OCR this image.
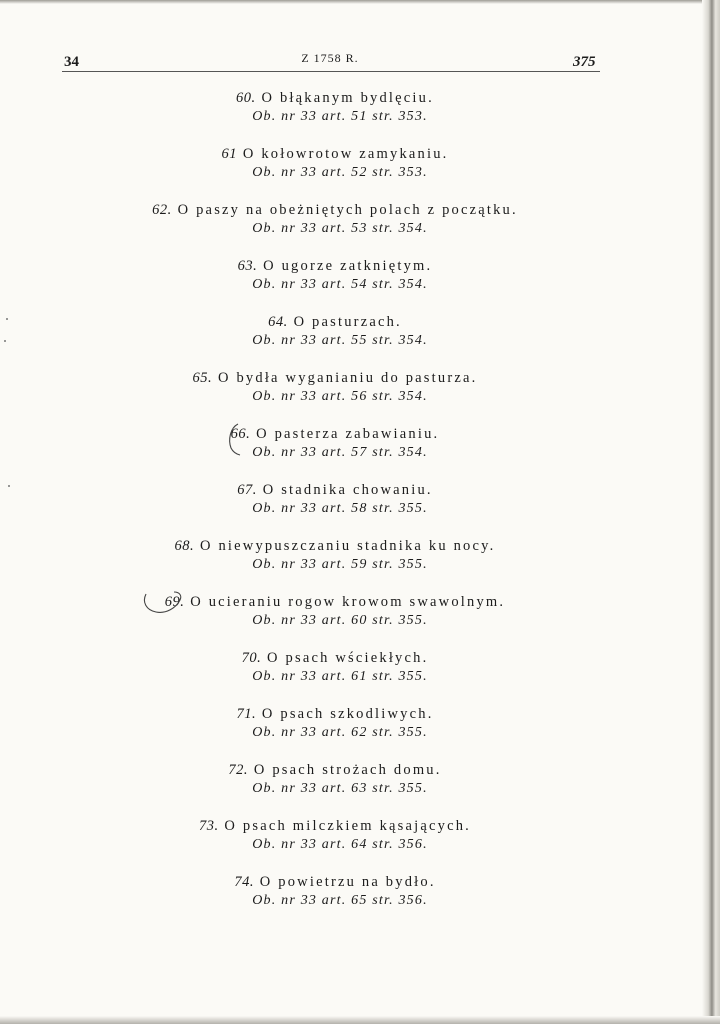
34	Z 1758 R.	375
60. O błąkanym bydlęciu.
Ob. nr 33 art. 51 str. 353.
61 O kołowrotow zamykaniu.
Ob. nr 33 art. 52 str. 353.
62. O paszy na obeżniętych polach z początku.
Ob. nr 33 art. 53 str. 354.
63. O ugorze zatkniętym.
Ob. nr 33 art. 54 str. 354.
64. O pasturzach.
Ob. nr 33 art. 55 str. 354.
65. O bydła wyganianiu do pasturza.
Ob. nr 33 art. 56 str. 354.
66. O pasterza zabawianiu.
Ob. nr 33 art. 57 str. 354.
67. O stadnika chowaniu.
Ob. nr 33 art. 58 str. 355.
68. O niewypuszczaniu stadnika ku nocy.
Ob. nr 33 art. 59 str. 355.
69. O ucieraniu rogow krowom swawolnym.
Ob. nr 33 art. 60 str. 355.
70. O psach wściekłych.
Ob. nr 33 art. 61 str. 355.
71. O psach szkodliwych.
Ob. nr 33 art. 62 str. 355.
72. O psach strożach domu.
Ob. nr 33 art. 63 str. 355.
73. O psach milczkiem kąsających.
Ob. nr 33 art. 64 str. 356.
74. O powietrzu na bydło.
Ob. nr 33 art. 65 str. 356.
